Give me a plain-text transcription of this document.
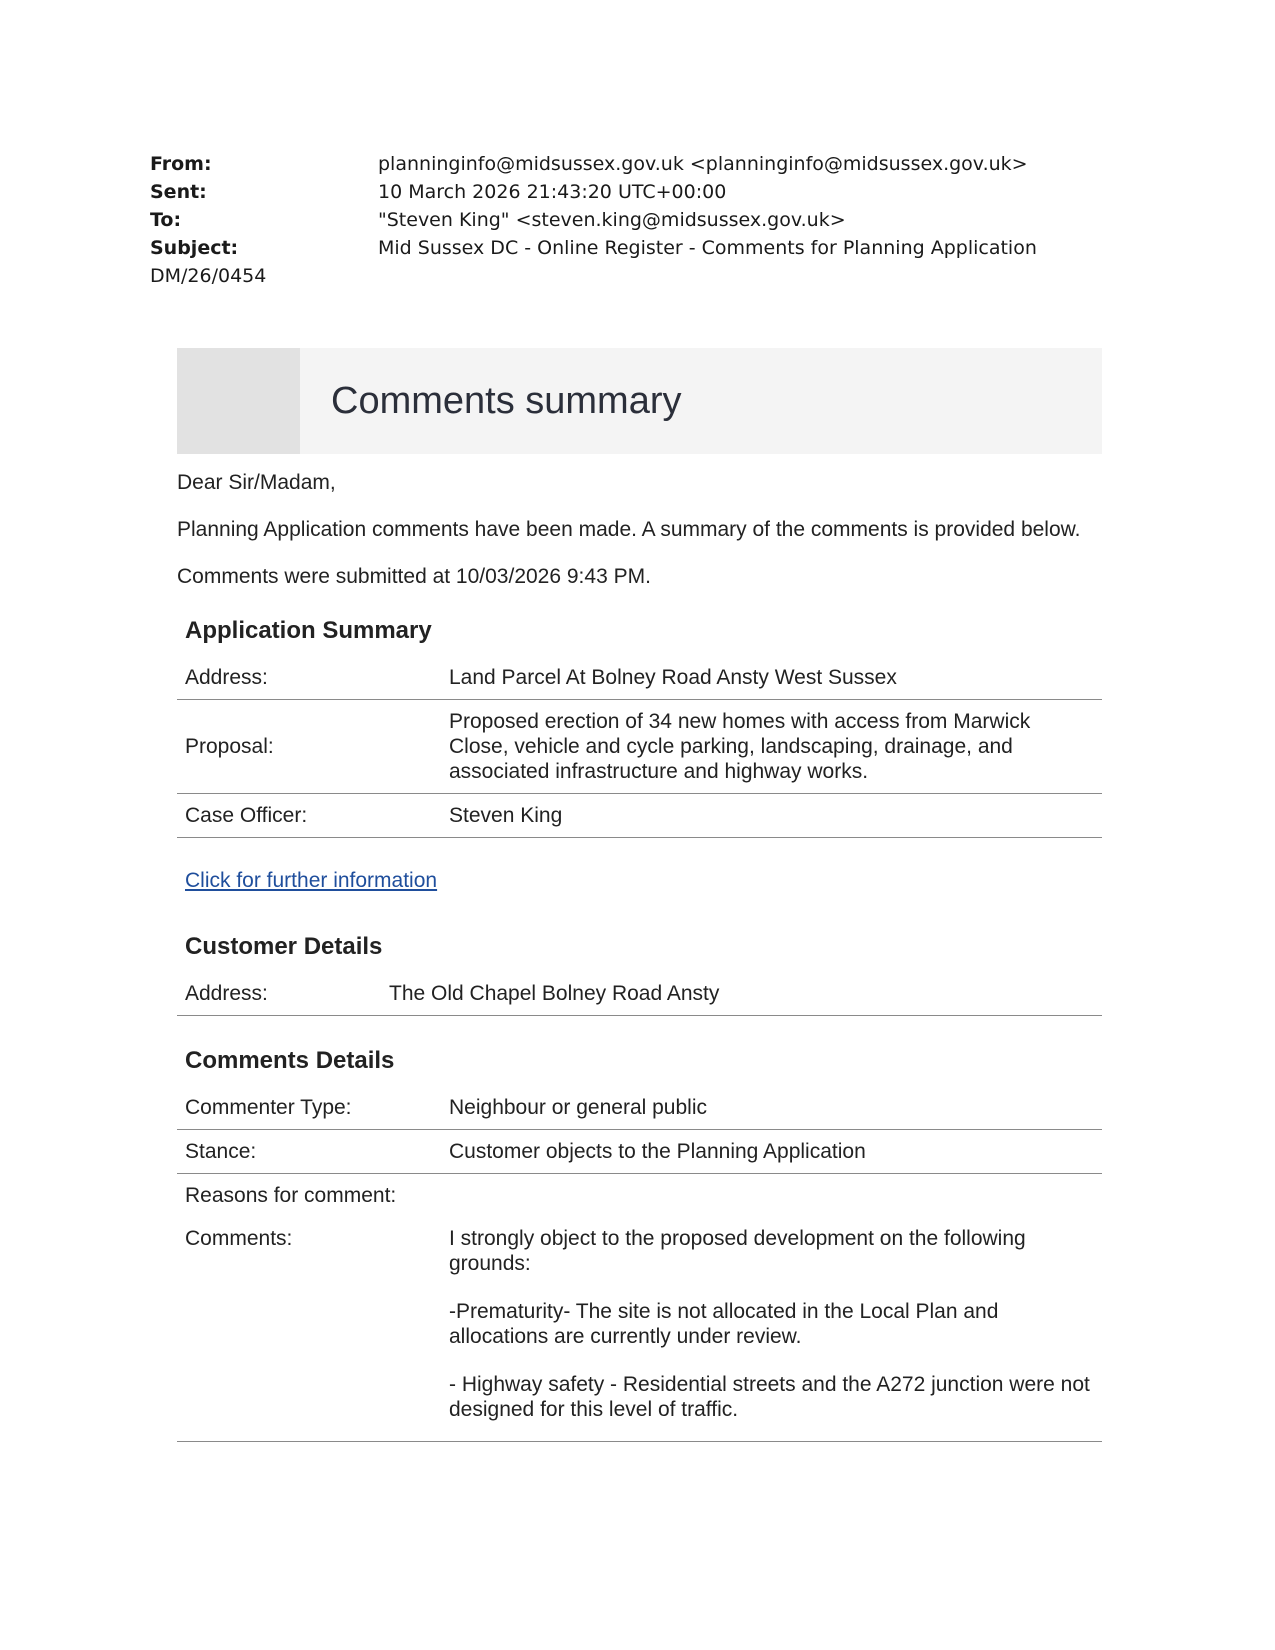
From:	planninginfo@midsussex.gov.uk <planninginfo@midsussex.gov.uk>
Sent:	10 March 2026 21:43:20 UTC+00:00
To:	"Steven King" <steven.king@midsussex.gov.uk>
Subject:	Mid Sussex DC - Online Register - Comments for Planning Application
DM/26/0454
Comments summary

Dear Sir/Madam,

Planning Application comments have been made. A summary of the comments is provided below.

Comments were submitted at 10/03/2026 9:43 PM.

Application Summary
Address:	Land Parcel At Bolney Road Ansty West Sussex
Proposal:	Proposed erection of 34 new homes with access from Marwick Close, vehicle and cycle parking, landscaping, drainage, and associated infrastructure and highway works.
Case Officer:	Steven King
Click for further information
Customer Details
Address:	The Old Chapel Bolney Road Ansty
Comments Details
Commenter Type:	Neighbour or general public
Stance:	Customer objects to the Planning Application
Reasons for comment:	
Comments:	I strongly object to the proposed development on the following grounds:

-Prematurity- The site is not allocated in the Local Plan and allocations are currently under review.

- Highway safety - Residential streets and the A272 junction were not designed for this level of traffic.
